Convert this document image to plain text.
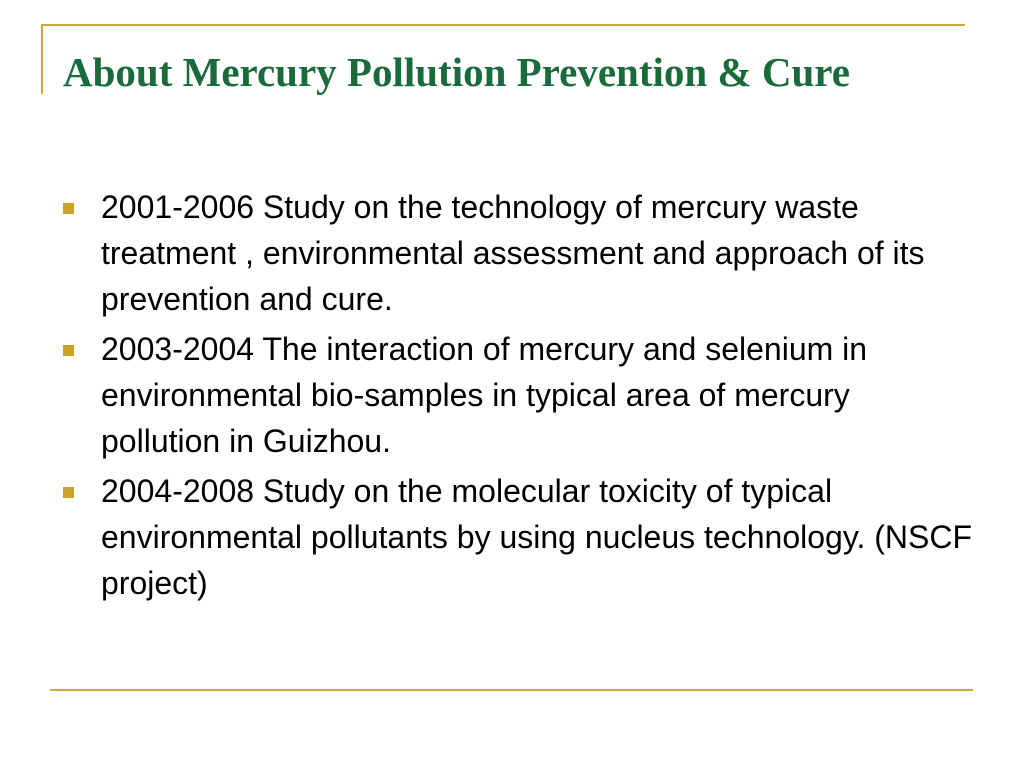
About Mercury Pollution Prevention & Cure
2001-2006 Study on the technology of mercury waste treatment , environmental assessment and approach of its prevention and cure.
2003-2004 The interaction of mercury and selenium in environmental bio-samples in typical area of mercury pollution in Guizhou.
2004-2008 Study on the molecular toxicity of typical environmental pollutants by using nucleus technology. (NSCF project)
